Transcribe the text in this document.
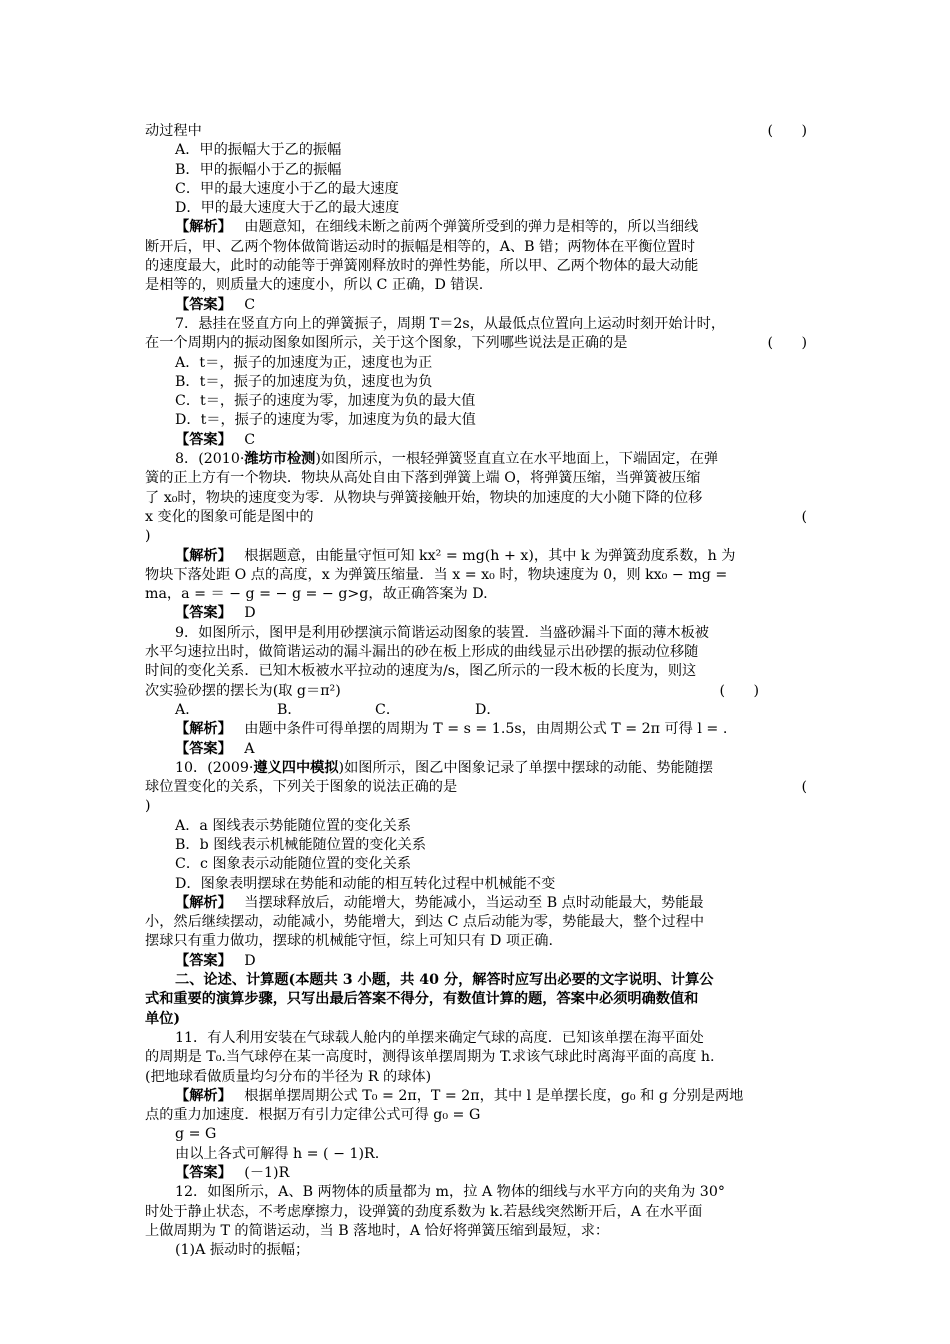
动过程中	(　　)
A．甲的振幅大于乙的振幅
B．甲的振幅小于乙的振幅
C．甲的最大速度小于乙的最大速度
D．甲的最大速度大于乙的最大速度
【解析】 由题意知，在细线未断之前两个弹簧所受到的弹力是相等的，所以当细线
断开后，甲、乙两个物体做简谐运动时的振幅是相等的，A、B 错；两物体在平衡位置时
的速度最大，此时的动能等于弹簧刚释放时的弹性势能，所以甲、乙两个物体的最大动能
是相等的，则质量大的速度小，所以 C 正确，D 错误.
【答案】 C
7．悬挂在竖直方向上的弹簧振子，周期 T＝2s，从最低点位置向上运动时刻开始计时，
在一个周期内的振动图象如图所示，关于这个图象，下列哪些说法是正确的是	(　　)
A．t＝，振子的加速度为正，速度也为正
B．t＝，振子的加速度为负，速度也为负
C．t＝，振子的速度为零，加速度为负的最大值
D．t＝，振子的速度为零，加速度为负的最大值
【答案】 C
8．(2010·潍坊市检测)如图所示，一根轻弹簧竖直直立在水平地面上，下端固定，在弹
簧的正上方有一个物块．物块从高处自由下落到弹簧上端 O，将弹簧压缩，当弹簧被压缩
了 x₀时，物块的速度变为零．从物块与弹簧接触开始，物块的加速度的大小随下降的位移
x 变化的图象可能是图中的	(
)
【解析】 根据题意，由能量守恒可知 kx² = mg(h + x)，其中 k 为弹簧劲度系数，h 为
物块下落处距 O 点的高度，x 为弹簧压缩量．当 x = x₀ 时，物块速度为 0，则 kx₀ − mg =
ma，a = ＝ − g = − g = − g>g，故正确答案为 D.
【答案】 D
9．如图所示，图甲是利用砂摆演示简谐运动图象的装置．当盛砂漏斗下面的薄木板被
水平匀速拉出时，做简谐运动的漏斗漏出的砂在板上形成的曲线显示出砂摆的振动位移随
时间的变化关系．已知木板被水平拉动的速度为/s，图乙所示的一段木板的长度为，则这
次实验砂摆的摆长为(取 g＝π²)	(　　)
A．	B．	C．	D．
【解析】 由题中条件可得单摆的周期为 T = s = 1.5s，由周期公式 T = 2π 可得 l = .
【答案】 A
10．(2009·遵义四中模拟)如图所示，图乙中图象记录了单摆中摆球的动能、势能随摆
球位置变化的关系，下列关于图象的说法正确的是	(
)
A．a 图线表示势能随位置的变化关系
B．b 图线表示机械能随位置的变化关系
C．c 图象表示动能随位置的变化关系
D．图象表明摆球在势能和动能的相互转化过程中机械能不变
【解析】 当摆球释放后，动能增大，势能减小，当运动至 B 点时动能最大，势能最
小，然后继续摆动，动能减小，势能增大，到达 C 点后动能为零，势能最大，整个过程中
摆球只有重力做功，摆球的机械能守恒，综上可知只有 D 项正确.
【答案】 D
二、论述、计算题(本题共 3 小题，共 40 分，解答时应写出必要的文字说明、计算公
式和重要的演算步骤，只写出最后答案不得分，有数值计算的题，答案中必须明确数值和
单位)
11．有人利用安装在气球载人舱内的单摆来确定气球的高度．已知该单摆在海平面处
的周期是 T₀.当气球停在某一高度时，测得该单摆周期为 T.求该气球此时离海平面的高度 h.
(把地球看做质量均匀分布的半径为 R 的球体)
【解析】 根据单摆周期公式 T₀ = 2π，T = 2π，其中 l 是单摆长度，g₀ 和 g 分别是两地
点的重力加速度．根据万有引力定律公式可得 g₀ = G
g = G
由以上各式可解得 h = ( − 1)R.
【答案】 (－1)R
12．如图所示，A、B 两物体的质量都为 m，拉 A 物体的细线与水平方向的夹角为 30°
时处于静止状态，不考虑摩擦力，设弹簧的劲度系数为 k.若悬线突然断开后，A 在水平面
上做周期为 T 的简谐运动，当 B 落地时，A 恰好将弹簧压缩到最短，求：
(1)A 振动时的振幅；
